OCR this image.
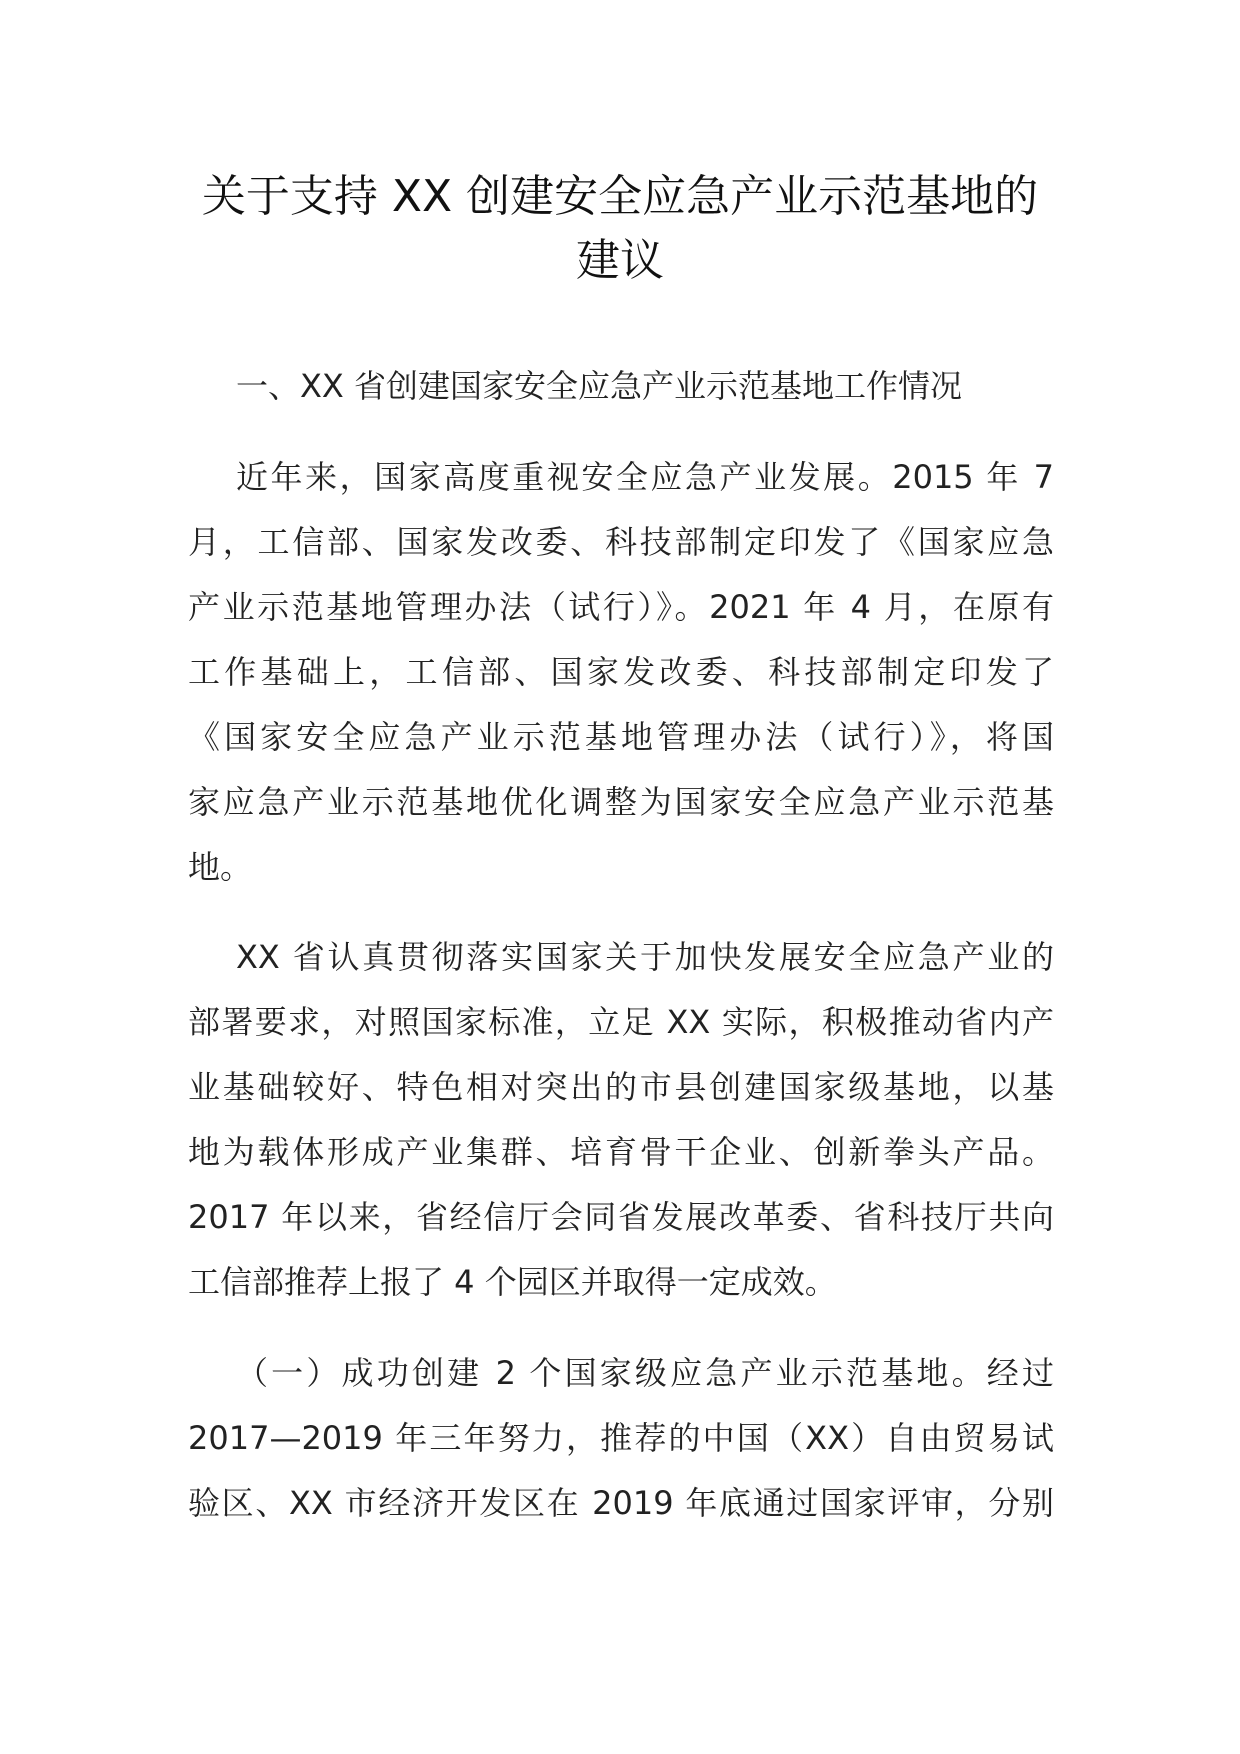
关于支持 XX 创建安全应急产业示范基地的
建议
一、XX 省创建国家安全应急产业示范基地工作情况
近年来，国家高度重视安全应急产业发展。2015 年 7
月，工信部、国家发改委、科技部制定印发了《国家应急
产业示范基地管理办法（试行）》。2021 年 4 月，在原有
工作基础上，工信部、国家发改委、科技部制定印发了
《国家安全应急产业示范基地管理办法（试行）》，将国
家应急产业示范基地优化调整为国家安全应急产业示范基
地。
XX 省认真贯彻落实国家关于加快发展安全应急产业的
部署要求，对照国家标准，立足 XX 实际，积极推动省内产
业基础较好、特色相对突出的市县创建国家级基地，以基
地为载体形成产业集群、培育骨干企业、创新拳头产品。
2017 年以来，省经信厅会同省发展改革委、省科技厅共向
工信部推荐上报了 4 个园区并取得一定成效。
（一）成功创建 2 个国家级应急产业示范基地。经过
2017—2019 年三年努力，推荐的中国（XX）自由贸易试
验区、XX 市经济开发区在 2019 年底通过国家评审，分别
